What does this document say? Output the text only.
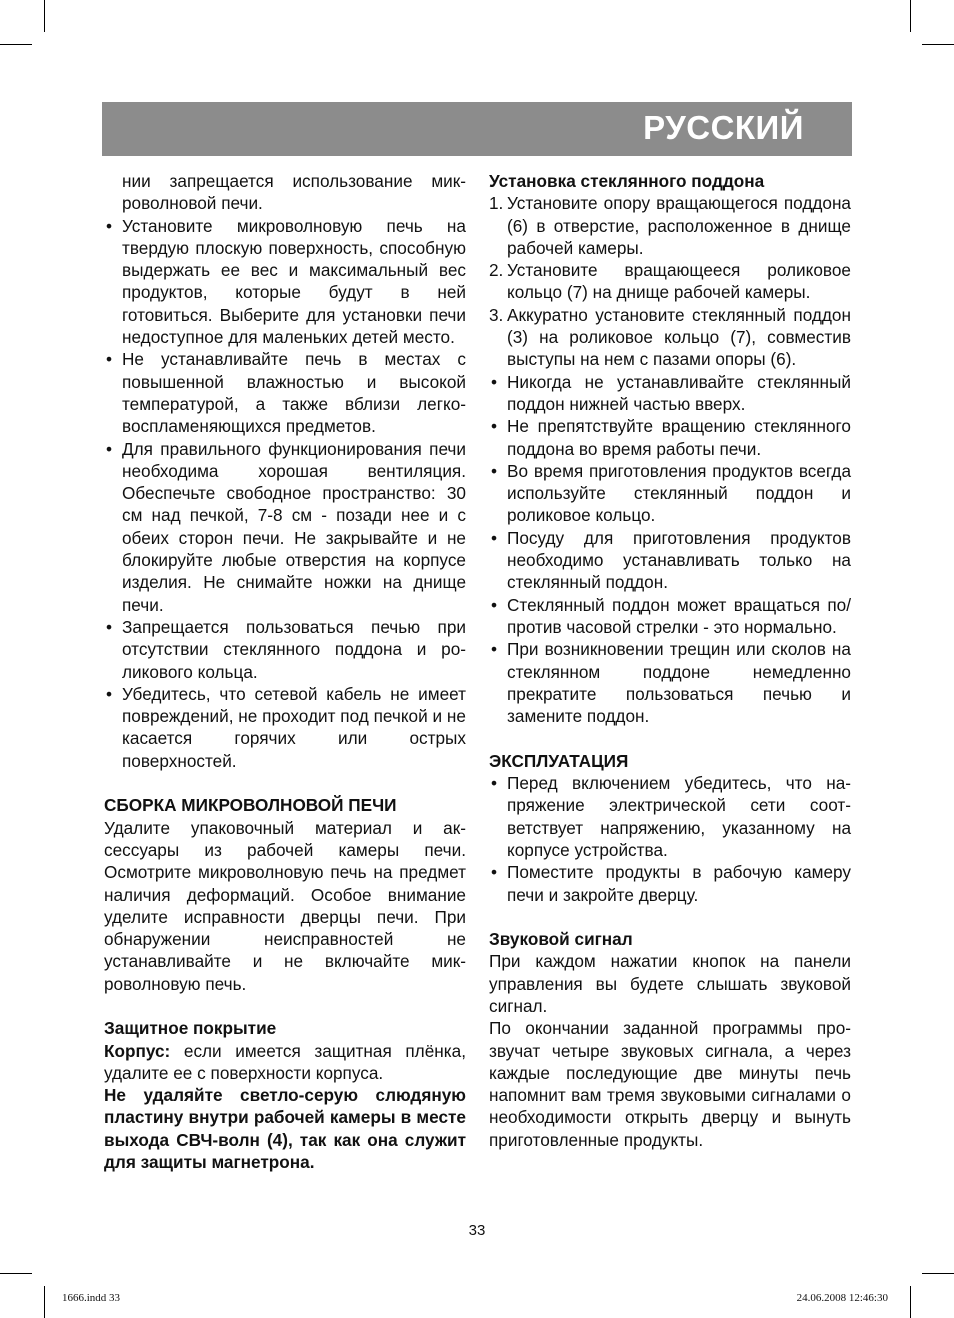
РУССКИЙ

нии запрещается использование микроволновой печи.

• Установите микроволновую печь на твердую плоскую поверхность, способную выдержать ее вес и максимальный вес продуктов, которые будут в ней готовиться. Выберите для установки печи недоступное для маленьких детей место.
• Не устанавливайте печь в местах с повышенной влажностью и высокой температурой, а также вблизи легковоспламеняющихся предметов.
• Для правильного функционирования печи необходима хорошая вентиляция. Обеспечьте свободное пространство: 30 см над печкой, 7-8 см - позади нее и с обеих сторон печи. Не закрывайте и не блокируйте любые отверстия на корпусе изделия. Не снимайте ножки на днище печи.
• Запрещается пользоваться печью при отсутствии стеклянного поддона и роликового кольца.
• Убедитесь, что сетевой кабель не имеет повреждений, не проходит под печкой и не касается горячих или острых поверхностей.

СБОРКА МИКРОВОЛНОВОЙ ПЕЧИ

Удалите упаковочный материал и аксессуары из рабочей камеры печи. Осмотрите микроволновую печь на предмет наличия деформаций. Особое внимание уделите исправности дверцы печи. При обнаружении неисправностей не устанавливайте и не включайте микроволновую печь.

Защитное покрытие

Корпус: если имеется защитная плёнка, удалите ее с поверхности корпуса.

Не удаляйте светло-серую слюдяную пластину внутри рабочей камеры в месте выхода СВЧ-волн (4), так как она служит для защиты магнетрона.

Установка стеклянного поддона

1. Установите опору вращающегося поддона (6) в отверстие, расположенное в днище рабочей камеры.
2. Установите вращающееся роликовое кольцо (7) на днище рабочей камеры.
3. Аккуратно установите стеклянный поддон (3) на роликовое кольцо (7), совместив выступы на нем с пазами опоры (6).
• Никогда не устанавливайте стеклянный поддон нижней частью вверх.
• Не препятствуйте вращению стеклянного поддона во время работы печи.
• Во время приготовления продуктов всегда используйте стеклянный поддон и роликовое кольцо.
• Посуду для приготовления продуктов необходимо устанавливать только на стеклянный поддон.
• Стеклянный поддон может вращаться по/против часовой стрелки - это нормально.
• При возникновении трещин или сколов на стеклянном поддоне немедленно прекратите пользоваться печью и замените поддон.

ЭКСПЛУАТАЦИЯ

• Перед включением убедитесь, что напряжение электрической сети соответствует напряжению, указанному на корпусе устройства.
• Поместите продукты в рабочую камеру печи и закройте дверцу.

Звуковой сигнал

При каждом нажатии кнопок на панели управления вы будете слышать звуковой сигнал.

По окончании заданной программы прозвучат четыре звуковых сигнала, а через каждые последующие две минуты печь напомнит вам тремя звуковыми сигналами о необходимости открыть дверцу и вынуть приготовленные продукты.

33
1666.indd 33	24.06.2008 12:46:30
